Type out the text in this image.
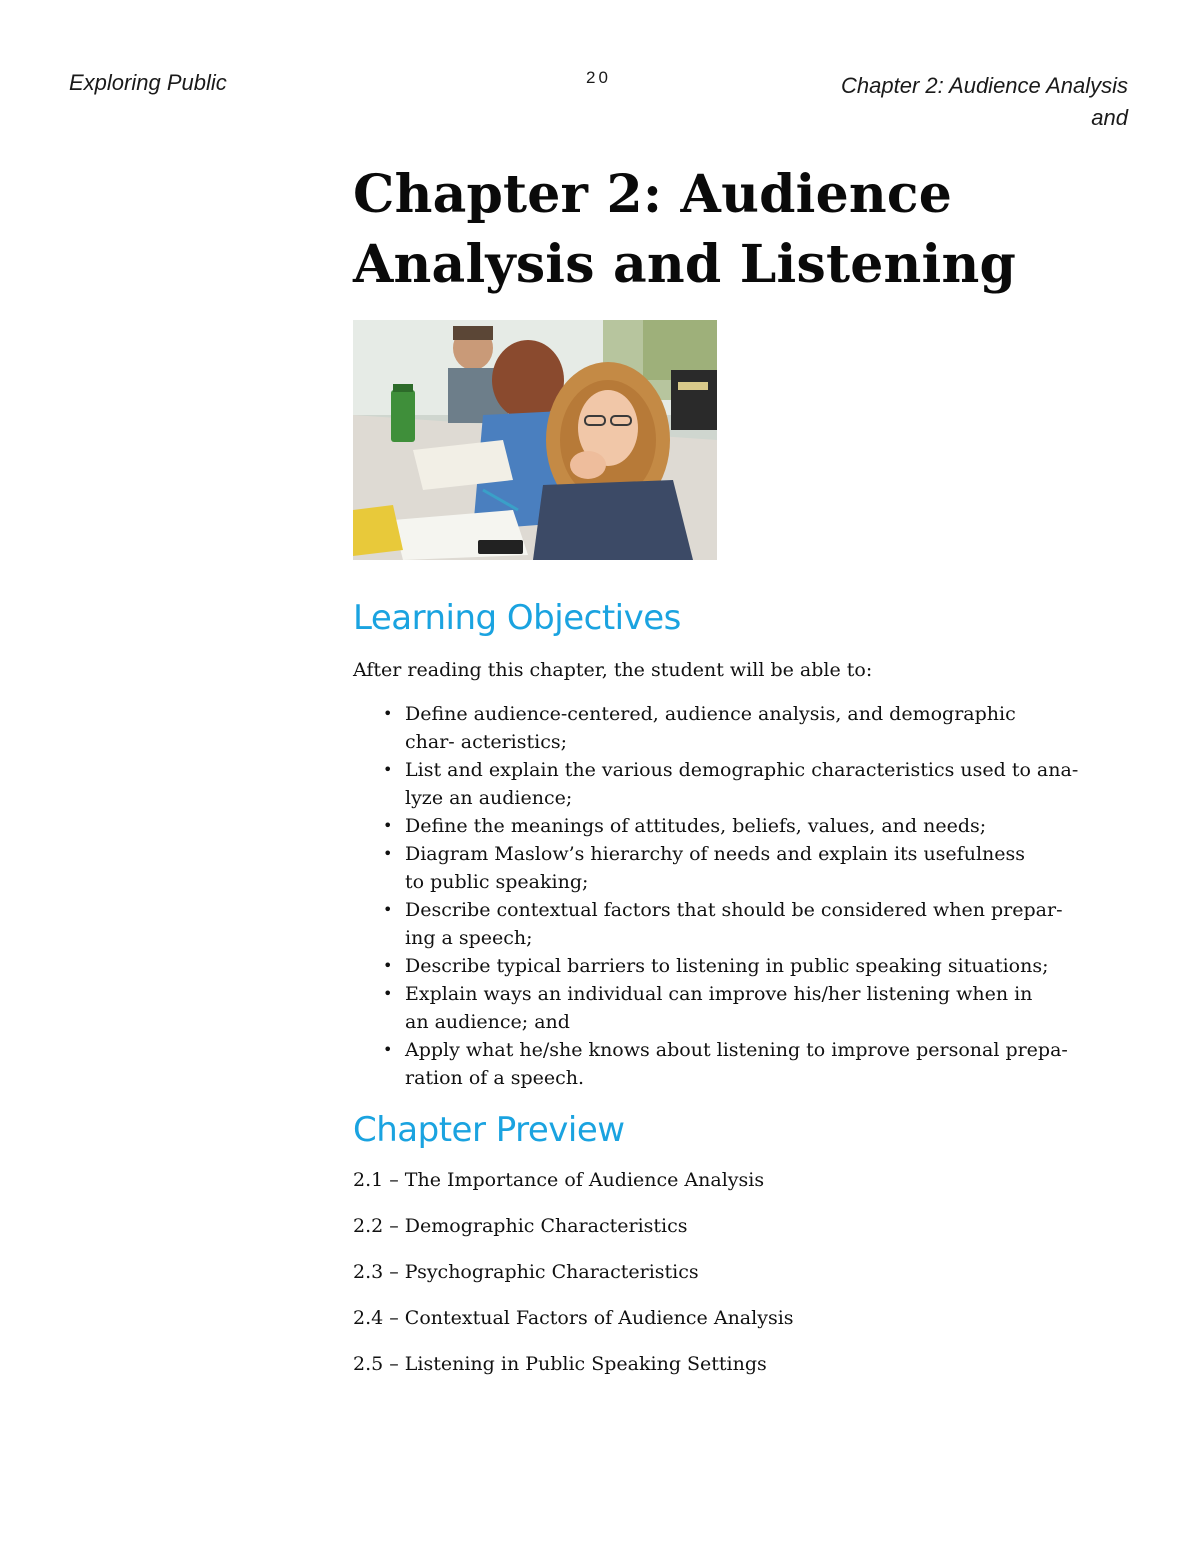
Exploring Public	20	Chapter 2: Audience Analysis
and
Chapter 2: Audience
Analysis and Listening
Learning Objectives
After reading this chapter, the student will be able to:
• Define audience-centered, audience analysis, and demographic
char- acteristics;
• List and explain the various demographic characteristics used to ana-
lyze an audience;
• Define the meanings of attitudes, beliefs, values, and needs;
• Diagram Maslow’s hierarchy of needs and explain its usefulness
to public speaking;
• Describe contextual factors that should be considered when prepar-
ing a speech;
• Describe typical barriers to listening in public speaking situations;
• Explain ways an individual can improve his/her listening when in
an audience; and
• Apply what he/she knows about listening to improve personal prepa-
ration of a speech.
Chapter Preview
2.1 – The Importance of Audience Analysis
2.2 – Demographic Characteristics
2.3 – Psychographic Characteristics
2.4 – Contextual Factors of Audience Analysis
2.5 – Listening in Public Speaking Settings
